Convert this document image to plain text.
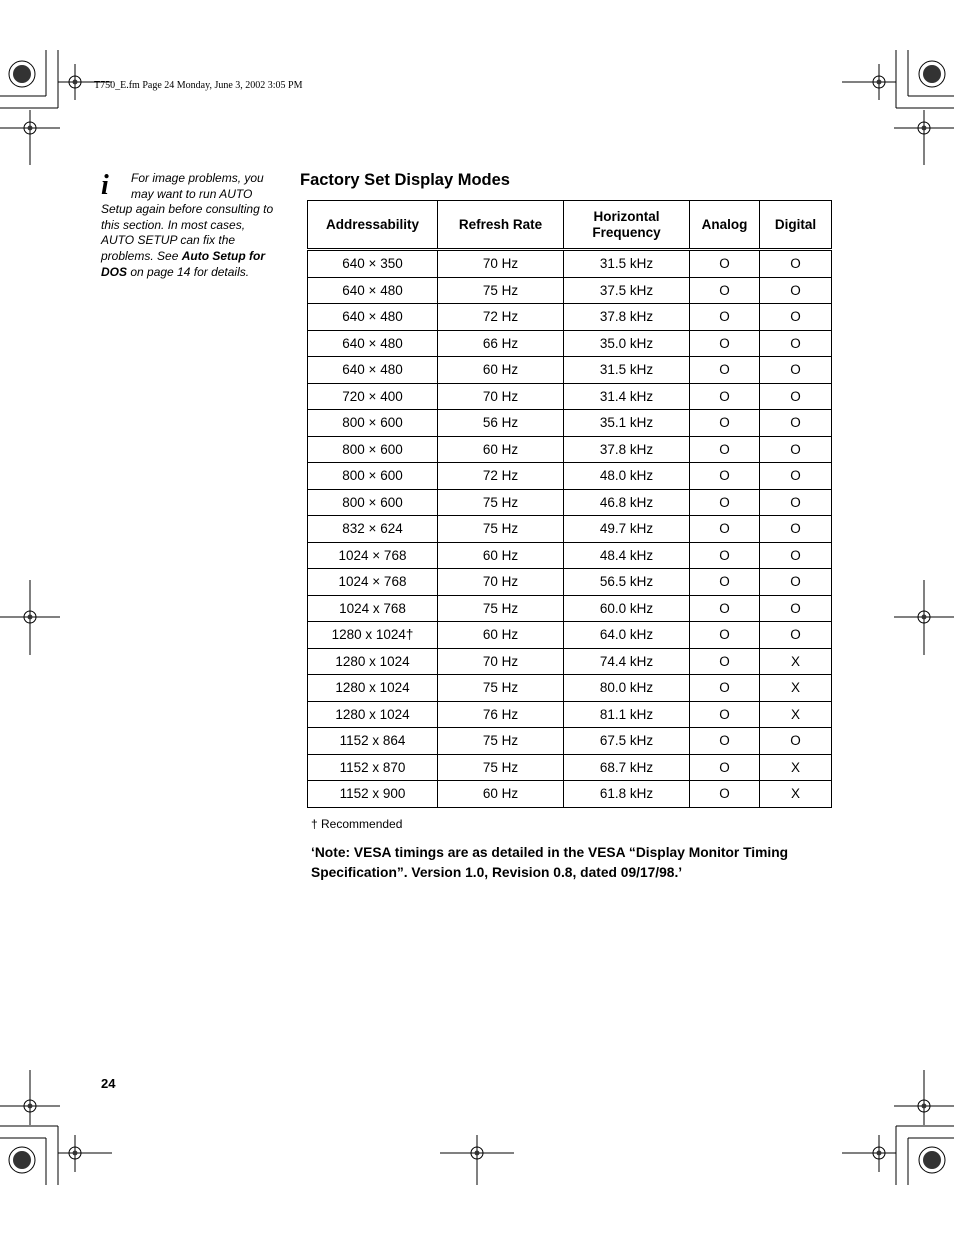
T750_E.fm Page 24 Monday, June 3, 2002 3:05 PM
i	For image problems, you
may want to run AUTO
Setup again before consulting to
this section. In most cases,
AUTO SETUP can fix the
problems. See Auto Setup for
DOS on page 14 for details.
Factory Set Display Modes
Addressability	Refresh Rate	Horizontal Frequency	Analog	Digital
640 × 350	70 Hz	31.5 kHz	O	O
640 × 480	75 Hz	37.5 kHz	O	O
640 × 480	72 Hz	37.8 kHz	O	O
640 × 480	66 Hz	35.0 kHz	O	O
640 × 480	60 Hz	31.5 kHz	O	O
720 × 400	70 Hz	31.4 kHz	O	O
800 × 600	56 Hz	35.1 kHz	O	O
800 × 600	60 Hz	37.8 kHz	O	O
800 × 600	72 Hz	48.0 kHz	O	O
800 × 600	75 Hz	46.8 kHz	O	O
832 × 624	75 Hz	49.7 kHz	O	O
1024 × 768	60 Hz	48.4 kHz	O	O
1024 × 768	70 Hz	56.5 kHz	O	O
1024 x 768	75 Hz	60.0 kHz	O	O
1280 x 1024†	60 Hz	64.0 kHz	O	O
1280 x 1024	70 Hz	74.4 kHz	O	X
1280 x 1024	75 Hz	80.0 kHz	O	X
1280 x 1024	76 Hz	81.1 kHz	O	X
1152 x 864	75 Hz	67.5 kHz	O	O
1152 x 870	75 Hz	68.7 kHz	O	X
1152 x 900	60 Hz	61.8 kHz	O	X
† Recommended
‘Note: VESA timings are as detailed in the VESA “Display Monitor Timing Specification”. Version 1.0, Revision 0.8, dated 09/17/98.’
24
